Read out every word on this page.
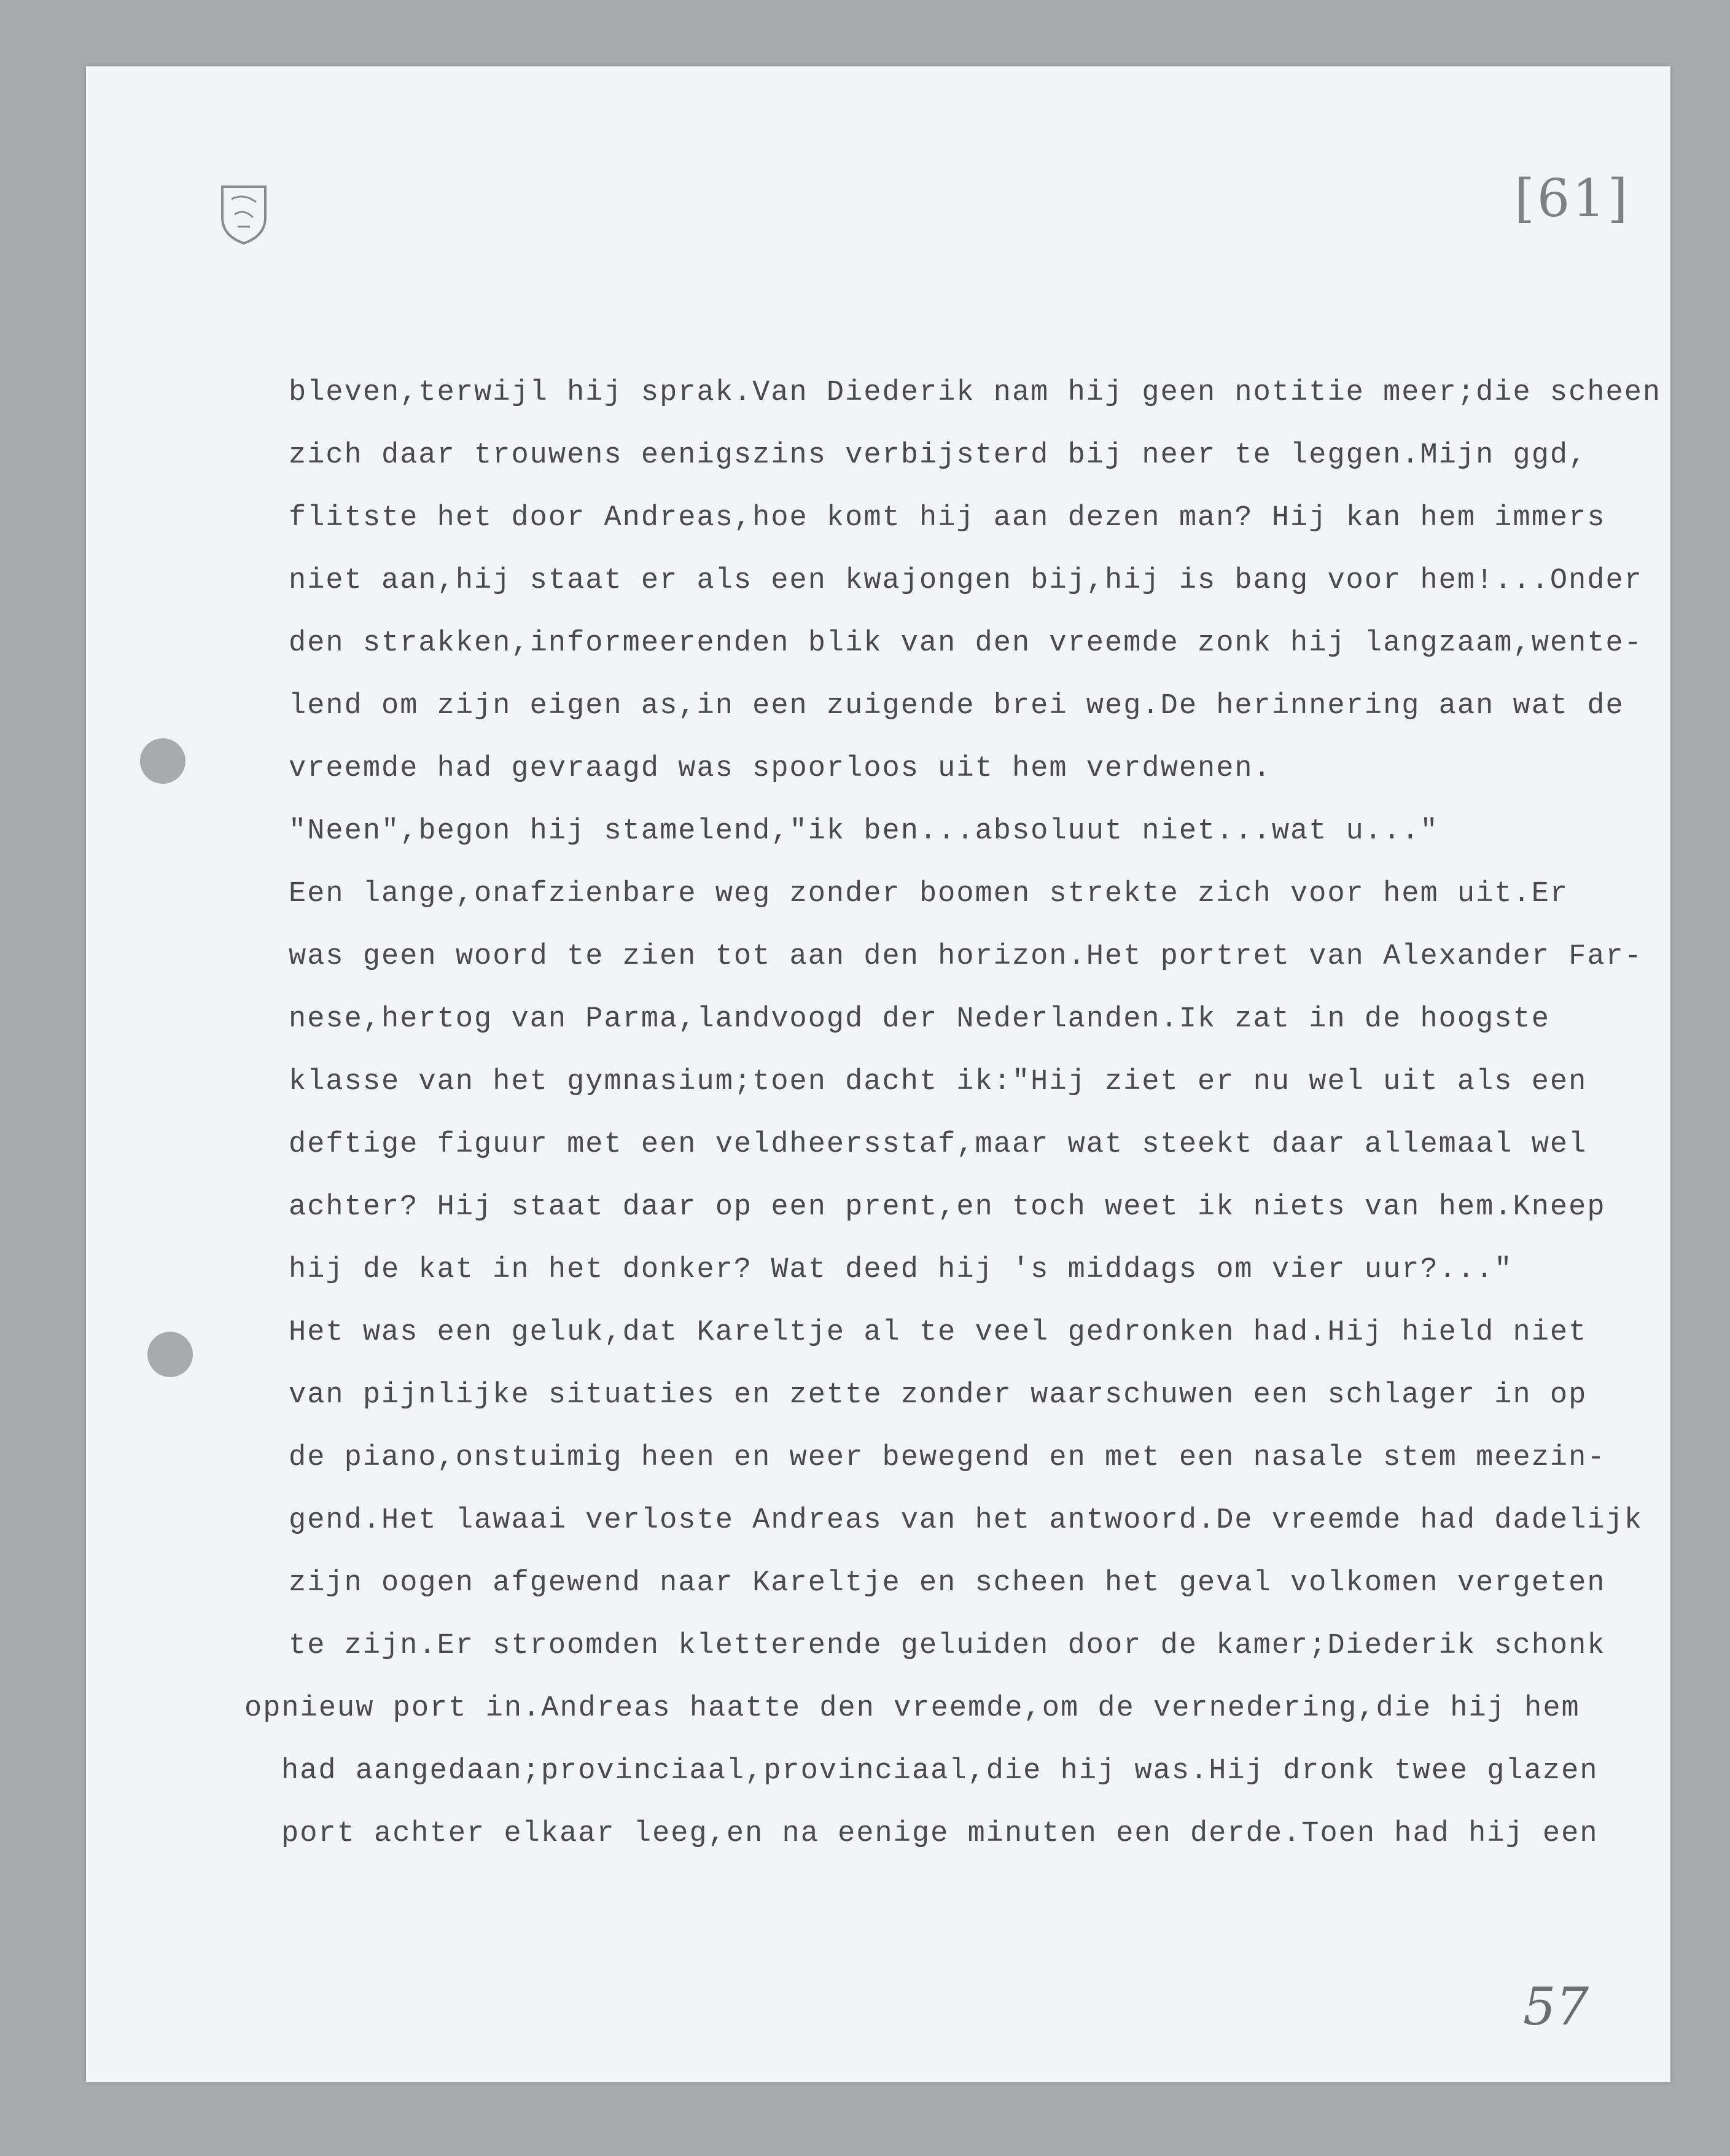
[61]
bleven,terwijl hij sprak.Van Diederik nam hij geen notitie meer;die scheen
zich daar trouwens eenigszins verbijsterd bij neer te leggen.Mijn ggd,
flitste het door Andreas,hoe komt hij aan dezen man? Hij kan hem immers
niet aan,hij staat er als een kwajongen bij,hij is bang voor hem!...Onder
den strakken,informeerenden blik van den vreemde zonk hij langzaam,wente-
lend om zijn eigen as,in een zuigende brei weg.De herinnering aan wat de
vreemde had gevraagd was spoorloos uit hem verdwenen.
"Neen",begon hij stamelend,"ik ben...absoluut niet...wat u..."
Een lange,onafzienbare weg zonder boomen strekte zich voor hem uit.Er
was geen woord te zien tot aan den horizon.Het portret van Alexander Far-
nese,hertog van Parma,landvoogd der Nederlanden.Ik zat in de hoogste
klasse van het gymnasium;toen dacht ik:"Hij ziet er nu wel uit als een
deftige figuur met een veldheersstaf,maar wat steekt daar allemaal wel
achter? Hij staat daar op een prent,en toch weet ik niets van hem.Kneep
hij de kat in het donker? Wat deed hij 's middags om vier uur?..."
Het was een geluk,dat Kareltje al te veel gedronken had.Hij hield niet
van pijnlijke situaties en zette zonder waarschuwen een schlager in op
de piano,onstuimig heen en weer bewegend en met een nasale stem meezin-
gend.Het lawaai verloste Andreas van het antwoord.De vreemde had dadelijk
zijn oogen afgewend naar Kareltje en scheen het geval volkomen vergeten
te zijn.Er stroomden kletterende geluiden door de kamer;Diederik schonk
opnieuw port in.Andreas haatte den vreemde,om de vernedering,die hij hem
had aangedaan;provinciaal,provinciaal,die hij was.Hij dronk twee glazen
port achter elkaar leeg,en na eenige minuten een derde.Toen had hij een
57
